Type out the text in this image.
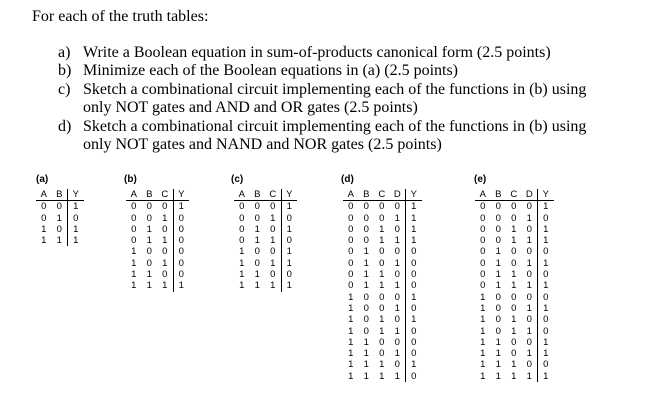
For each of the truth tables:
a) Write a Boolean equation in sum-of-products canonical form (2.5 points)
b) Minimize each of the Boolean equations in (a) (2.5 points)
c) Sketch a combinational circuit implementing each of the functions in (b) using
only NOT gates and AND and OR gates (2.5 points)
d) Sketch a combinational circuit implementing each of the functions in (b) using
only NOT gates and NAND and NOR gates (2.5 points)
(a)	(b)	(c)	(d)	(e)
A	B	Y
0	0	1
0	1	0
1	0	1
1	1	1
A	B	C	Y
0	0	0	1
0	0	1	0
0	1	0	0
0	1	1	0
1	0	0	0
1	0	1	0
1	1	0	0
1	1	1	1
A	B	C	Y
0	0	0	1
0	0	1	0
0	1	0	1
0	1	1	0
1	0	0	1
1	0	1	1
1	1	0	0
1	1	1	1
A	B	C	D	Y
0	0	0	0	1
0	0	0	1	1
0	0	1	0	1
0	0	1	1	1
0	1	0	0	0
0	1	0	1	0
0	1	1	0	0
0	1	1	1	0
1	0	0	0	1
1	0	0	1	0
1	0	1	0	1
1	0	1	1	0
1	1	0	0	0
1	1	0	1	0
1	1	1	0	1
1	1	1	1	0
A	B	C	D	Y
0	0	0	0	1
0	0	0	1	0
0	0	1	0	1
0	0	1	1	1
0	1	0	0	0
0	1	0	1	1
0	1	1	0	0
0	1	1	1	1
1	0	0	0	0
1	0	0	1	1
1	0	1	0	0
1	0	1	1	0
1	1	0	0	1
1	1	0	1	1
1	1	1	0	0
1	1	1	1	1
